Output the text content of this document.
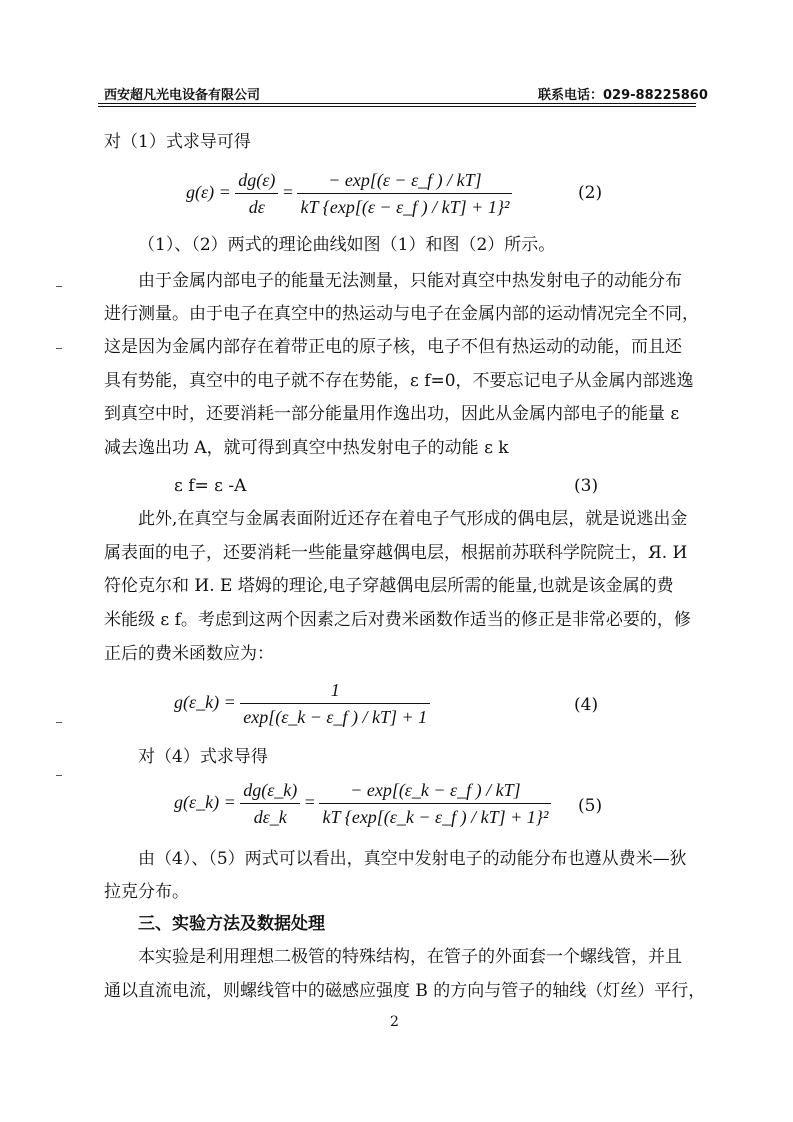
西安超凡光电设备有限公司	联系电话：029-88225860
对（1）式求导可得
$g(\varepsilon) = \frac{dg(\varepsilon)}{d\varepsilon} = \frac{- \exp[(\varepsilon - \varepsilon\_f ) / kT]}{\text{kT \{exp[(ε − ε\_f ) / kT] + 1\}²}}$	(2)
（1）、（2）两式的理论曲线如图（1）和图（2）所示。
由于金属内部电子的能量无法测量，只能对真空中热发射电子的动能分布
进行测量。由于电子在真空中的热运动与电子在金属内部的运动情况完全不同，
这是因为金属内部存在着带正电的原子核，电子不但有热运动的动能，而且还
具有势能，真空中的电子就不存在势能，ε f=0，不要忘记电子从金属内部逃逸
到真空中时，还要消耗一部分能量用作逸出功，因此从金属内部电子的能量 ε
减去逸出功 A，就可得到真空中热发射电子的动能 ε k
ε f= ε -A	(3)
此外,在真空与金属表面附近还存在着电子气形成的偶电层，就是说逃出金
属表面的电子，还要消耗一些能量穿越偶电层，根据前苏联科学院院士，Я. И
符伦克尔和 И. Е 塔姆的理论,电子穿越偶电层所需的能量,也就是该金属的费
米能级 ε f。考虑到这两个因素之后对费米函数作适当的修正是非常必要的，修
正后的费米函数应为：
g(ε_k) = $\frac{1}{\exp[(\varepsilon\_k - \varepsilon\_f ) / kT] + 1}$	(4)
对（4）式求导得
g(ε_k) = $\frac{dg(\varepsilon\_k)}{d\varepsilon\_k} = \frac{- \exp[(\varepsilon\_k - \varepsilon\_f ) / kT]}{\text{kT \{exp[(ε\_k − ε\_f ) / kT] + 1\}²}} (5)$
由（4）、（5）两式可以看出，真空中发射电子的动能分布也遵从费米—狄
拉克分布。
三、实验方法及数据处理
本实验是利用理想二极管的特殊结构，在管子的外面套一个螺线管，并且
通以直流电流，则螺线管中的磁感应强度 B 的方向与管子的轴线（灯丝）平行，
2
